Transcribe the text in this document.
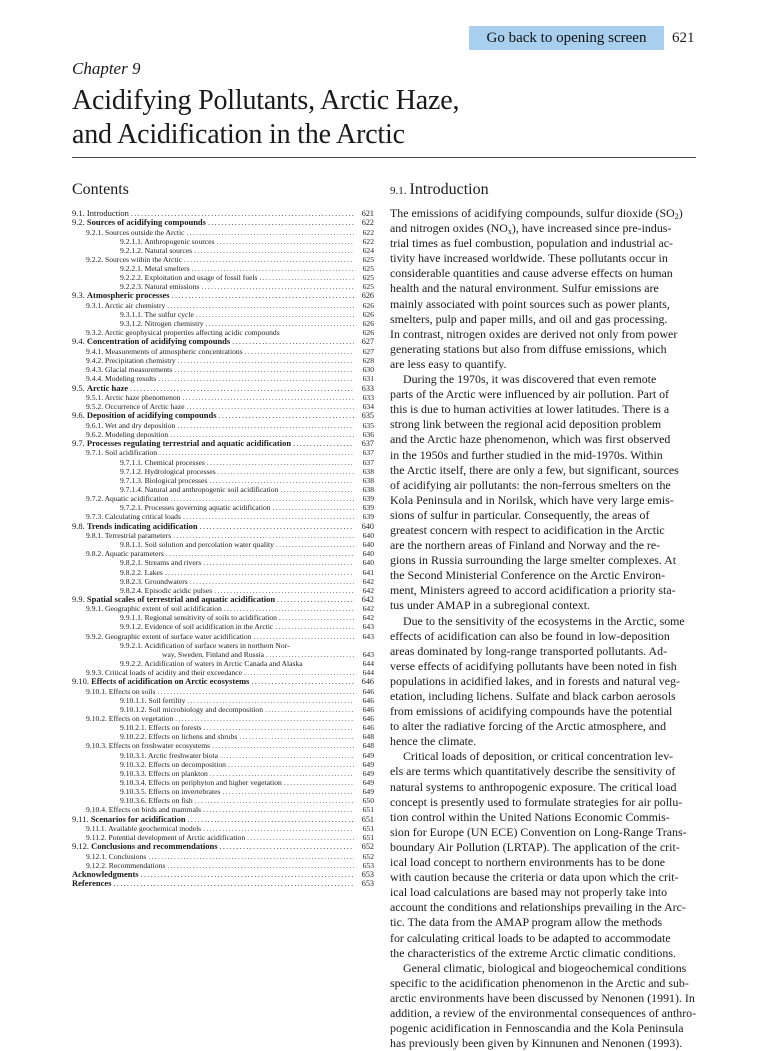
Go back to opening screen	621
Chapter 9
Acidifying Pollutants, Arctic Haze,
and Acidification in the Arctic
Contents
9.1. Introduction .....	621
9.2. Sources of acidifying compounds .....	622
9.2.1. Sources outside the Arctic .....	622
9.2.1.1. Anthropogenic sources .....	622
9.2.1.2. Natural sources .....	624
9.2.2. Sources within the Arctic .....	625
9.2.2.1. Metal smelters .....	625
9.2.2.2. Exploitation and usage of fossil fuels .....	625
9.2.2.3. Natural emissions .....	625
9.3. Atmospheric processes .....	626
9.3.1. Arctic air chemistry .....	626
9.3.1.1. The sulfur cycle .....	626
9.3.1.2. Nitrogen chemistry .....	626
9.3.2. Arctic geophysical properties affecting acidic compounds	626
9.4. Concentration of acidifying compounds .....	627
9.4.1. Measurements of atmospheric concentrations .....	627
9.4.2. Precipitation chemistry .....	628
9.4.3. Glacial measurements .....	630
9.4.4. Modeling results .....	631
9.5. Arctic haze .....	633
9.5.1. Arctic haze phenomenon .....	633
9.5.2. Occurrence of Arctic haze .....	634
9.6. Deposition of acidifying compounds .....	635
9.6.1. Wet and dry deposition .....	635
9.6.2. Modeling deposition .....	636
9.7. Processes regulating terrestrial and aquatic acidification .....	637
9.7.1. Soil acidification .....	637
9.7.1.1. Chemical processes .....	637
9.7.1.2. Hydrological processes .....	638
9.7.1.3. Biological processes .....	638
9.7.1.4. Natural and anthropogenic soil acidification .....	638
9.7.2. Aquatic acidification .....	639
9.7.2.1. Processes governing aquatic acidification .....	639
9.7.3. Calculating critical loads .....	639
9.8. Trends indicating acidification .....	640
9.8.1. Terrestrial parameters .....	640
9.8.1.1. Soil solution and percolation water quality .....	640
9.8.2. Aquatic parameters .....	640
9.8.2.1. Streams and rivers .....	640
9.8.2.2. Lakes .....	641
9.8.2.3. Groundwaters .....	642
9.8.2.4. Episodic acidic pulses .....	642
9.9. Spatial scales of terrestrial and aquatic acidification .....	642
9.9.1. Geographic extent of soil acidification .....	642
9.9.1.1. Regional sensitivity of soils to acidification .....	642
9.9.1.2. Evidence of soil acidification in the Arctic .....	643
9.9.2. Geographic extent of surface water acidification .....	643
9.9.2.1. Acidification of surface waters in northern Nor-
way, Sweden, Finland and Russia .....	643
9.9.2.2. Acidification of waters in Arctic Canada and Alaska	644
9.9.3. Critical loads of acidity and their exceedance .....	644
9.10. Effects of acidification on Arctic ecosystems .....	646
9.10.1. Effects on soils .....	646
9.10.1.1. Soil fertility .....	646
9.10.1.2. Soil microbiology and decomposition .....	646
9.10.2. Effects on vegetation .....	646
9.10.2.1. Effects on forests .....	646
9.10.2.2. Effects on lichens and shrubs .....	648
9.10.3. Effects on freshwater ecosystems .....	648
9.10.3.1. Arctic freshwater biota .....	649
9.10.3.2. Effects on decomposition .....	649
9.10.3.3. Effects on plankton .....	649
9.10.3.4. Effects on periphyton and higher vegetation .....	649
9.10.3.5. Effects on invertebrates .....	649
9.10.3.6. Effects on fish .....	650
9.10.4. Effects on birds and mammals .....	651
9.11. Scenarios for acidification .....	651
9.11.1. Available geochemical models .....	651
9.11.2. Potential development of Arctic acidification .....	651
9.12. Conclusions and recommendations .....	652
9.12.1. Conclusions .....	652
9.12.2. Recommendations .....	653
Acknowledgments .....	653
References .....	653
9.1. Introduction
The emissions of acidifying compounds, sulfur dioxide $(SO_2)$
and nitrogen oxides $(NO_x)$, have increased since pre-indus-
trial times as fuel combustion, population and industrial ac-
tivity have increased worldwide. These pollutants occur in
considerable quantities and cause adverse effects on human
health and the natural environment. Sulfur emissions are
mainly associated with point sources such as power plants,
smelters, pulp and paper mills, and oil and gas processing.
In contrast, nitrogen oxides are derived not only from power
generating stations but also from diffuse emissions, which
are less easy to quantify.
During the 1970s, it was discovered that even remote
parts of the Arctic were influenced by air pollution. Part of
this is due to human activities at lower latitudes. There is a
strong link between the regional acid deposition problem
and the Arctic haze phenomenon, which was first observed
in the 1950s and further studied in the mid-1970s. Within
the Arctic itself, there are only a few, but significant, sources
of acidifying air pollutants: the non-ferrous smelters on the
Kola Peninsula and in Norilsk, which have very large emis-
sions of sulfur in particular. Consequently, the areas of
greatest concern with respect to acidification in the Arctic
are the northern areas of Finland and Norway and the re-
gions in Russia surrounding the large smelter complexes. At
the Second Ministerial Conference on the Arctic Environ-
ment, Ministers agreed to accord acidification a priority sta-
tus under AMAP in a subregional context.
Due to the sensitivity of the ecosystems in the Arctic, some
effects of acidification can also be found in low-deposition
areas dominated by long-range transported pollutants. Ad-
verse effects of acidifying pollutants have been noted in fish
populations in acidified lakes, and in forests and natural veg-
etation, including lichens. Sulfate and black carbon aerosols
from emissions of acidifying compounds have the potential
to alter the radiative forcing of the Arctic atmosphere, and
hence the climate.
Critical loads of deposition, or critical concentration lev-
els are terms which quantitatively describe the sensitivity of
natural systems to anthropogenic exposure. The critical load
concept is presently used to formulate strategies for air pollu-
tion control within the United Nations Economic Commis-
sion for Europe (UN ECE) Convention on Long-Range Trans-
boundary Air Pollution (LRTAP). The application of the crit-
ical load concept to northern environments has to be done
with caution because the criteria or data upon which the crit-
ical load calculations are based may not properly take into
account the conditions and relationships prevailing in the Arc-
tic. The data from the AMAP program allow the methods
for calculating critical loads to be adapted to accommodate
the characteristics of the extreme Arctic climatic conditions.
General climatic, biological and biogeochemical conditions
specific to the acidification phenomenon in the Arctic and sub-
arctic environments have been discussed by Nenonen (1991). In
addition, a review of the environmental consequences of anthro-
pogenic acidification in Fennoscandia and the Kola Peninsula
has previously been given by Kinnunen and Nenonen (1993).
